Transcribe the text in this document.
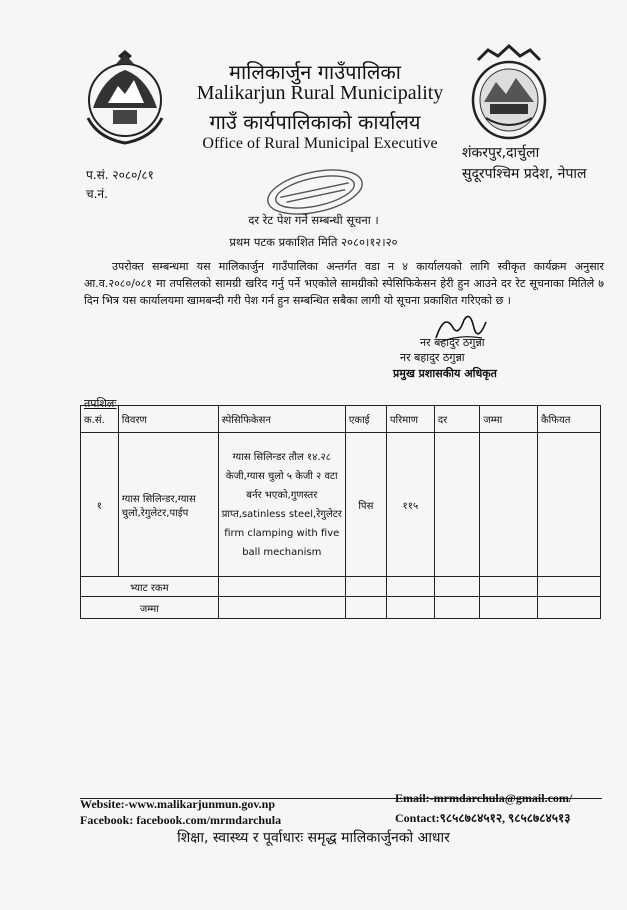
मालिकार्जुन गाउँपालिका
Malikarjun Rural Municipality
गाउँ कार्यपालिकाको कार्यालय
Office of Rural Municipal Executive
शंकरपुर,दार्चुला
सुदूरपश्चिम प्रदेश, नेपाल
प.सं. २०८०/८१
च.नं.
दर रेट पेश गर्ने सम्बन्धी सूचना ।
प्रथम पटक प्रकाशित मिति २०८०।१२।२०
उपरोक्त सम्बन्धमा यस मालिकार्जुन गाउँपालिका अन्तर्गत वडा न ४ कार्यालयको लागि स्वीकृत कार्यक्रम अनुसार आ.व.२०८०/०८१ मा तपसिलको सामग्री खरिद गर्नु पर्ने भएकोले सामग्रीको स्पेसिफिकेसन हेरी हुन आउने दर रेट सूचनाका मितिले ७ दिन भित्र यस कार्यालयमा खामबन्दी गरी पेश गर्न हुन सम्बन्धित सबैका लागी यो सूचना प्रकाशित गरिएको छ ।
नर बहादुर ठगुन्ना
नर बहादुर ठगुन्ना
प्रमुख प्रशासकीय अधिकृत
तपशिलः
क.सं.	विवरण	स्पेसिफिकेसन	एकाई	परिमाण	दर	जम्मा	कैफियत
१	ग्यास सिलिन्डर,ग्यास चुलो,रेगुलेटर,पाईप	ग्यास सिलिन्डर तौल १४.२८ केजी,ग्यास चुलो ५ केजी २ वटा बर्नर भएको,गुणस्तर प्राप्त,satinless steel,रेगुलेटर firm clamping with five ball mechanism	पिस	११५			
भ्याट रकम							
जम्मा							
Website:-www.malikarjunmun.gov.np
Facebook: facebook.com/mrmdarchula
Email:-mrmdarchula@gmail.com/
Contact:९८५८७८४५१२, ९८५८७८४५१३
शिक्षा, स्वास्थ्य र पूर्वाधारः समृद्ध मालिकार्जुनको आधार
